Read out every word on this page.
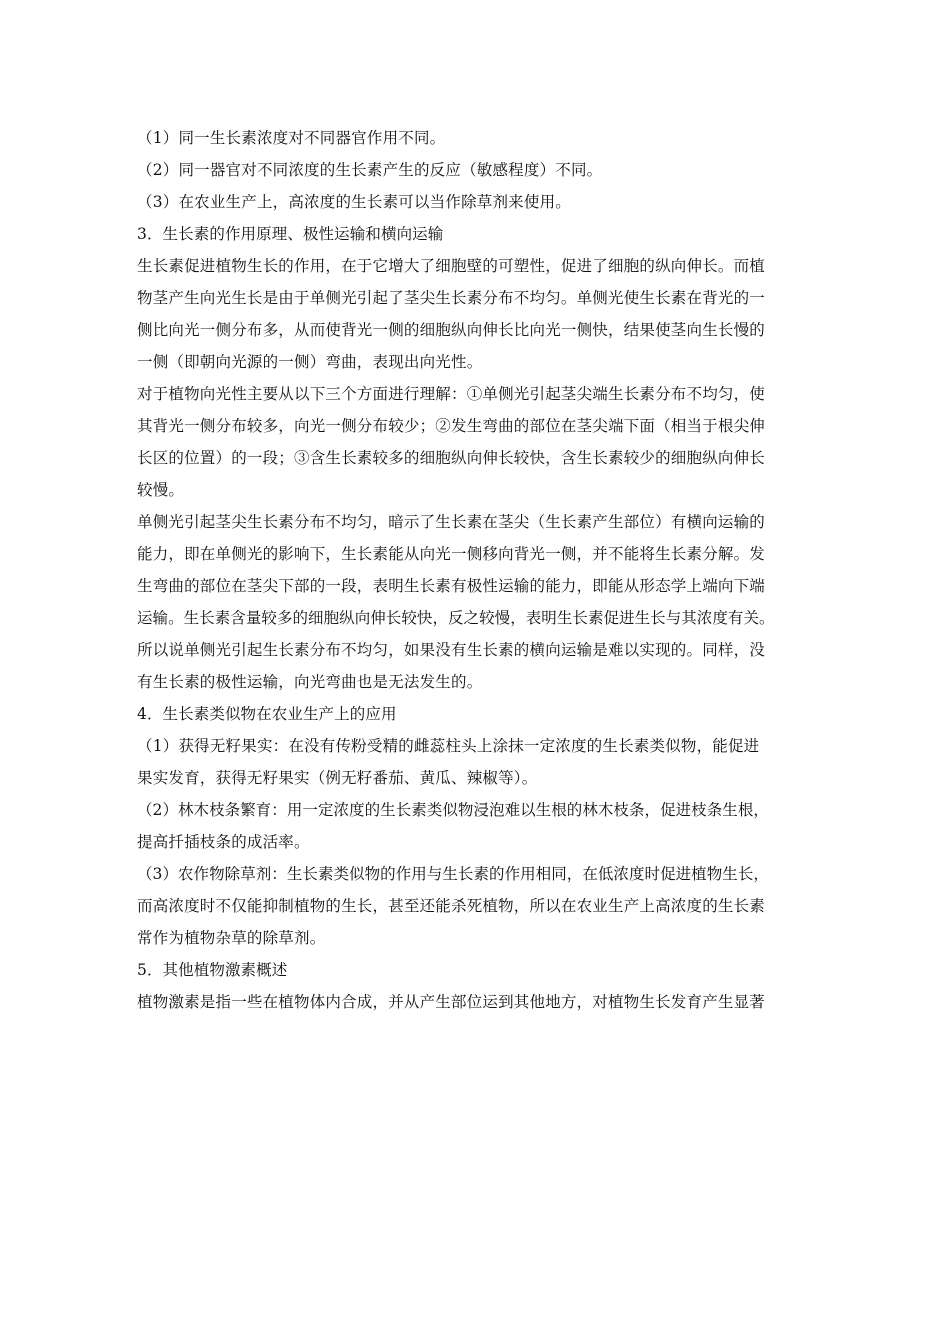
（1）同一生长素浓度对不同器官作用不同。
（2）同一器官对不同浓度的生长素产生的反应（敏感程度）不同。
（3）在农业生产上，高浓度的生长素可以当作除草剂来使用。
3．生长素的作用原理、极性运输和横向运输
生长素促进植物生长的作用，在于它增大了细胞壁的可塑性，促进了细胞的纵向伸长。而植
物茎产生向光生长是由于单侧光引起了茎尖生长素分布不均匀。单侧光使生长素在背光的一
侧比向光一侧分布多，从而使背光一侧的细胞纵向伸长比向光一侧快，结果使茎向生长慢的
一侧（即朝向光源的一侧）弯曲，表现出向光性。
对于植物向光性主要从以下三个方面进行理解：①单侧光引起茎尖端生长素分布不均匀，使
其背光一侧分布较多，向光一侧分布较少；②发生弯曲的部位在茎尖端下面（相当于根尖伸
长区的位置）的一段；③含生长素较多的细胞纵向伸长较快，含生长素较少的细胞纵向伸长
较慢。
单侧光引起茎尖生长素分布不均匀，暗示了生长素在茎尖（生长素产生部位）有横向运输的
能力，即在单侧光的影响下，生长素能从向光一侧移向背光一侧，并不能将生长素分解。发
生弯曲的部位在茎尖下部的一段，表明生长素有极性运输的能力，即能从形态学上端向下端
运输。生长素含量较多的细胞纵向伸长较快，反之较慢，表明生长素促进生长与其浓度有关。
所以说单侧光引起生长素分布不均匀，如果没有生长素的横向运输是难以实现的。同样，没
有生长素的极性运输，向光弯曲也是无法发生的。
4．生长素类似物在农业生产上的应用
（1）获得无籽果实：在没有传粉受精的雌蕊柱头上涂抹一定浓度的生长素类似物，能促进
果实发育，获得无籽果实（例无籽番茄、黄瓜、辣椒等）。
（2）林木枝条繁育：用一定浓度的生长素类似物浸泡难以生根的林木枝条，促进枝条生根，
提高扦插枝条的成活率。
（3）农作物除草剂：生长素类似物的作用与生长素的作用相同，在低浓度时促进植物生长，
而高浓度时不仅能抑制植物的生长，甚至还能杀死植物，所以在农业生产上高浓度的生长素
常作为植物杂草的除草剂。
5．其他植物激素概述
植物激素是指一些在植物体内合成，并从产生部位运到其他地方，对植物生长发育产生显著
